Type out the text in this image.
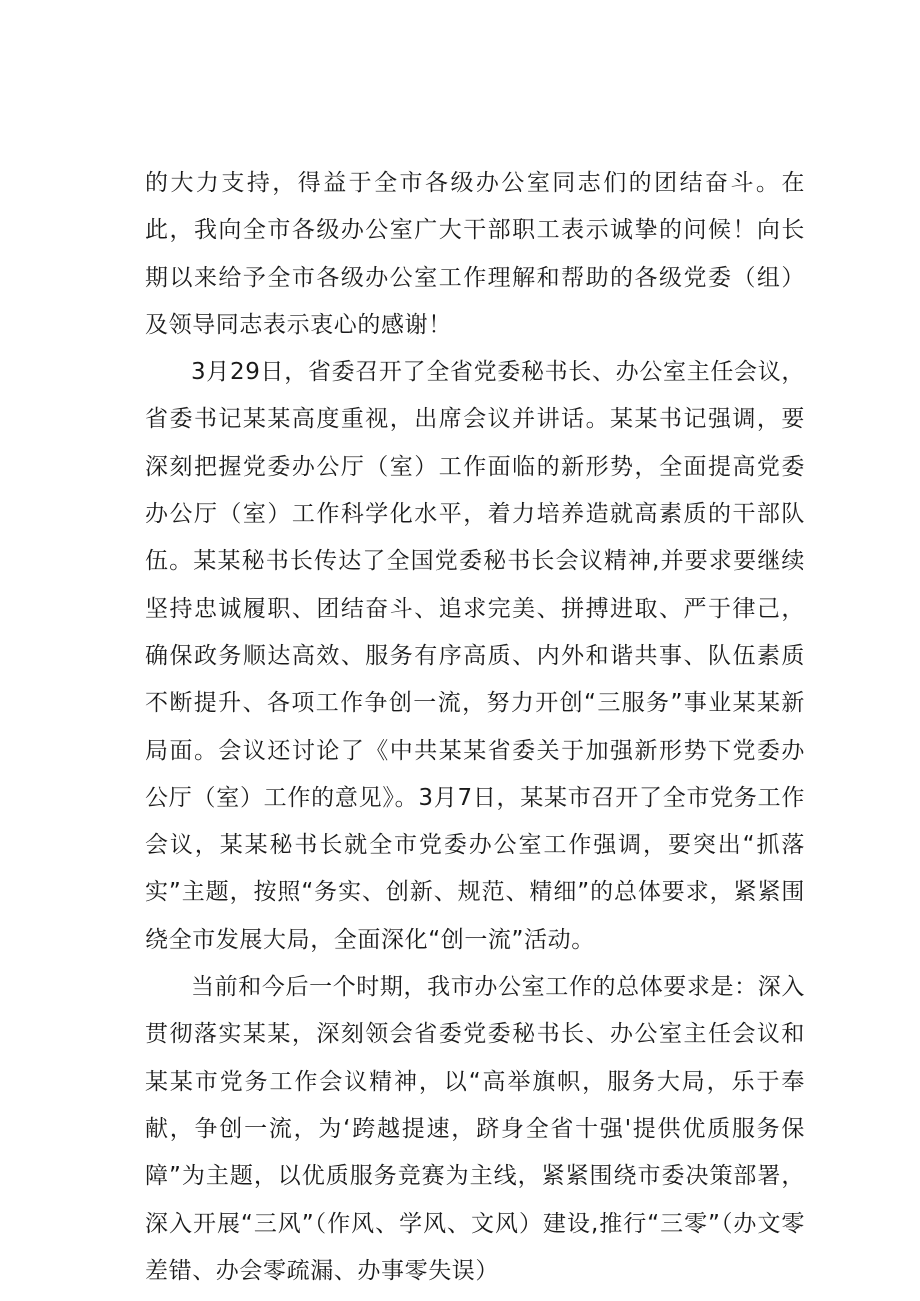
的大力支持，得益于全市各级办公室同志们的团结奋斗。在此，我向全市各级办公室广大干部职工表示诚挚的问候！向长期以来给予全市各级办公室工作理解和帮助的各级党委（组）及领导同志表示衷心的感谢！

3月29日，省委召开了全省党委秘书长、办公室主任会议，省委书记某某高度重视，出席会议并讲话。某某书记强调，要深刻把握党委办公厅（室）工作面临的新形势，全面提高党委办公厅（室）工作科学化水平，着力培养造就高素质的干部队伍。某某秘书长传达了全国党委秘书长会议精神,并要求要继续坚持忠诚履职、团结奋斗、追求完美、拼搏进取、严于律己，确保政务顺达高效、服务有序高质、内外和谐共事、队伍素质不断提升、各项工作争创一流，努力开创“三服务”事业某某新局面。会议还讨论了《中共某某省委关于加强新形势下党委办公厅（室）工作的意见》。3月7日，某某市召开了全市党务工作会议，某某秘书长就全市党委办公室工作强调，要突出“抓落实”主题，按照“务实、创新、规范、精细”的总体要求，紧紧围绕全市发展大局，全面深化“创一流”活动。

当前和今后一个时期，我市办公室工作的总体要求是：深入贯彻落实某某，深刻领会省委党委秘书长、办公室主任会议和某某市党务工作会议精神，以“高举旗帜，服务大局，乐于奉献，争创一流，为‘跨越提速，跻身全省十强'提供优质服务保障”为主题，以优质服务竞赛为主线，紧紧围绕市委决策部署，深入开展“三风”（作风、学风、文风）建设,推行“三零”（办文零差错、办会零疏漏、办事零失误）
